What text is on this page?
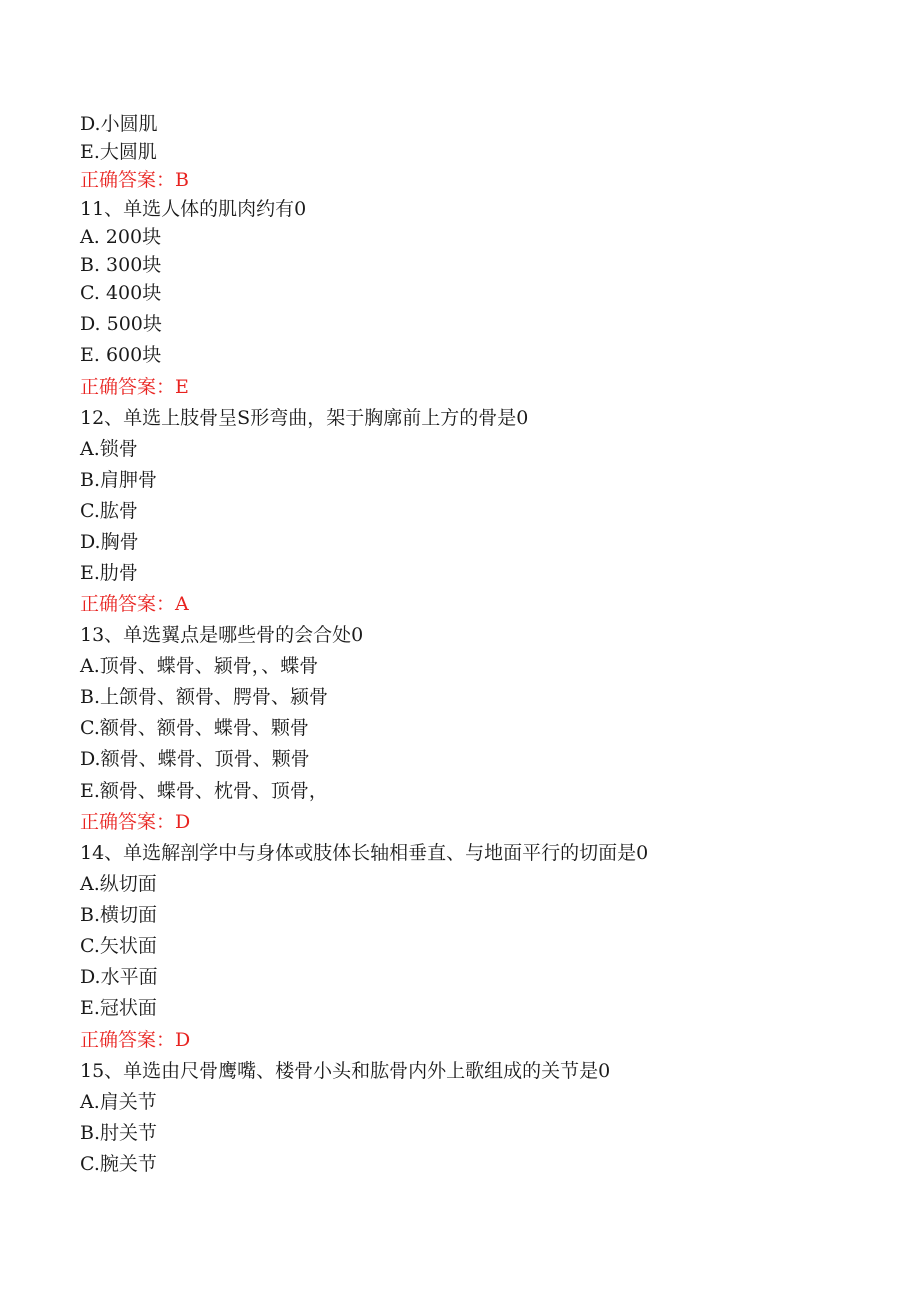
D.小圆肌
E.大圆肌
正确答案：B
11、单选人体的肌肉约有0
A. 200块
B. 300块
C. 400块
D. 500块
E. 600块
正确答案：E
12、单选上肢骨呈S形弯曲，架于胸廓前上方的骨是0
A.锁骨
B.肩胛骨
C.肱骨
D.胸骨
E.肋骨
正确答案：A
13、单选翼点是哪些骨的会合处0
A.顶骨、蝶骨、颍骨，、蝶骨
B.上颌骨、额骨、腭骨、颍骨
C.额骨、额骨、蝶骨、颗骨
D.额骨、蝶骨、顶骨、颗骨
E.额骨、蝶骨、枕骨、顶骨，
正确答案：D
14、单选解剖学中与身体或肢体长轴相垂直、与地面平行的切面是0
A.纵切面
B.横切面
C.矢状面
D.水平面
E.冠状面
正确答案：D
15、单选由尺骨鹰嘴、楼骨小头和肱骨内外上歌组成的关节是0
A.肩关节
B.肘关节
C.腕关节
